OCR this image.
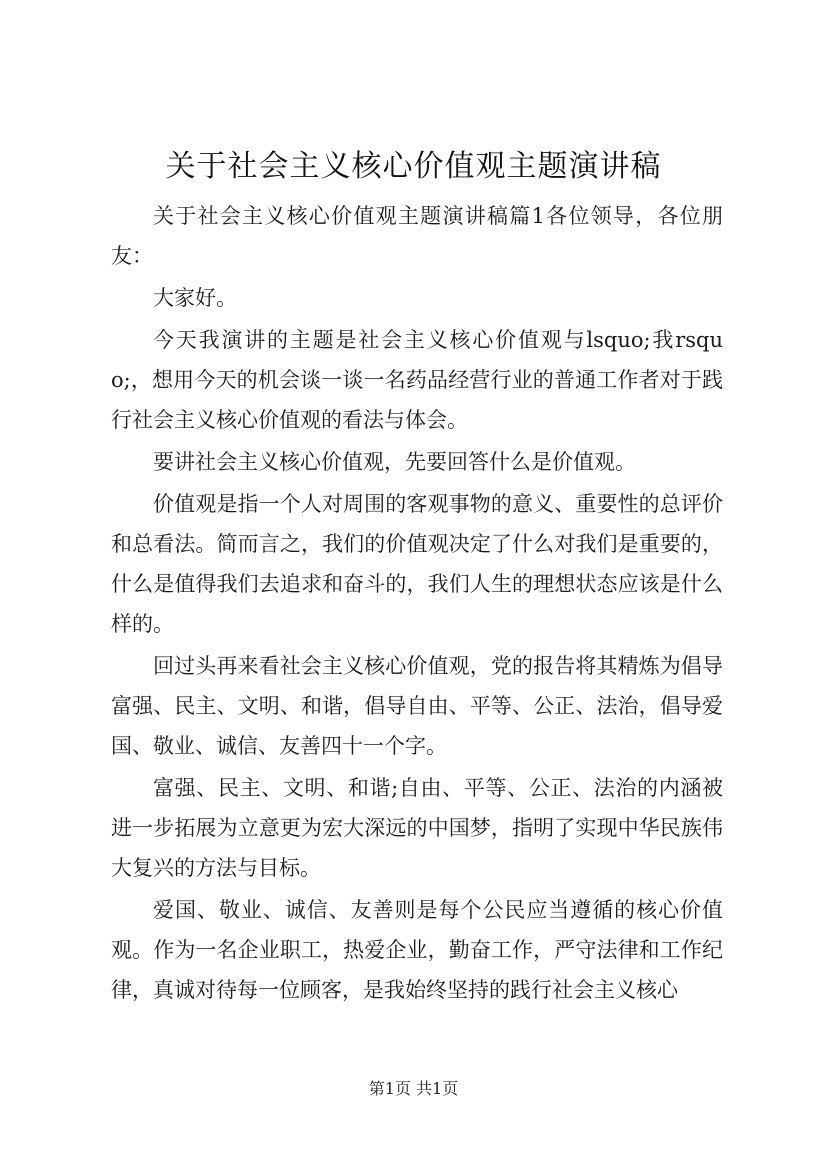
关于社会主义核心价值观主题演讲稿

关于社会主义核心价值观主题演讲稿篇1各位领导，各位朋友：

大家好。

今天我演讲的主题是社会主义核心价值观与lsquo;我rsquo;，想用今天的机会谈一谈一名药品经营行业的普通工作者对于践行社会主义核心价值观的看法与体会。

要讲社会主义核心价值观，先要回答什么是价值观。

价值观是指一个人对周围的客观事物的意义、重要性的总评价和总看法。简而言之，我们的价值观决定了什么对我们是重要的，什么是值得我们去追求和奋斗的，我们人生的理想状态应该是什么样的。

回过头再来看社会主义核心价值观，党的报告将其精炼为倡导富强、民主、文明、和谐，倡导自由、平等、公正、法治，倡导爱国、敬业、诚信、友善四十一个字。

富强、民主、文明、和谐;自由、平等、公正、法治的内涵被进一步拓展为立意更为宏大深远的中国梦，指明了实现中华民族伟大复兴的方法与目标。

爱国、敬业、诚信、友善则是每个公民应当遵循的核心价值观。作为一名企业职工，热爱企业，勤奋工作，严守法律和工作纪律，真诚对待每一位顾客，是我始终坚持的践行社会主义核心

第1页 共1页
